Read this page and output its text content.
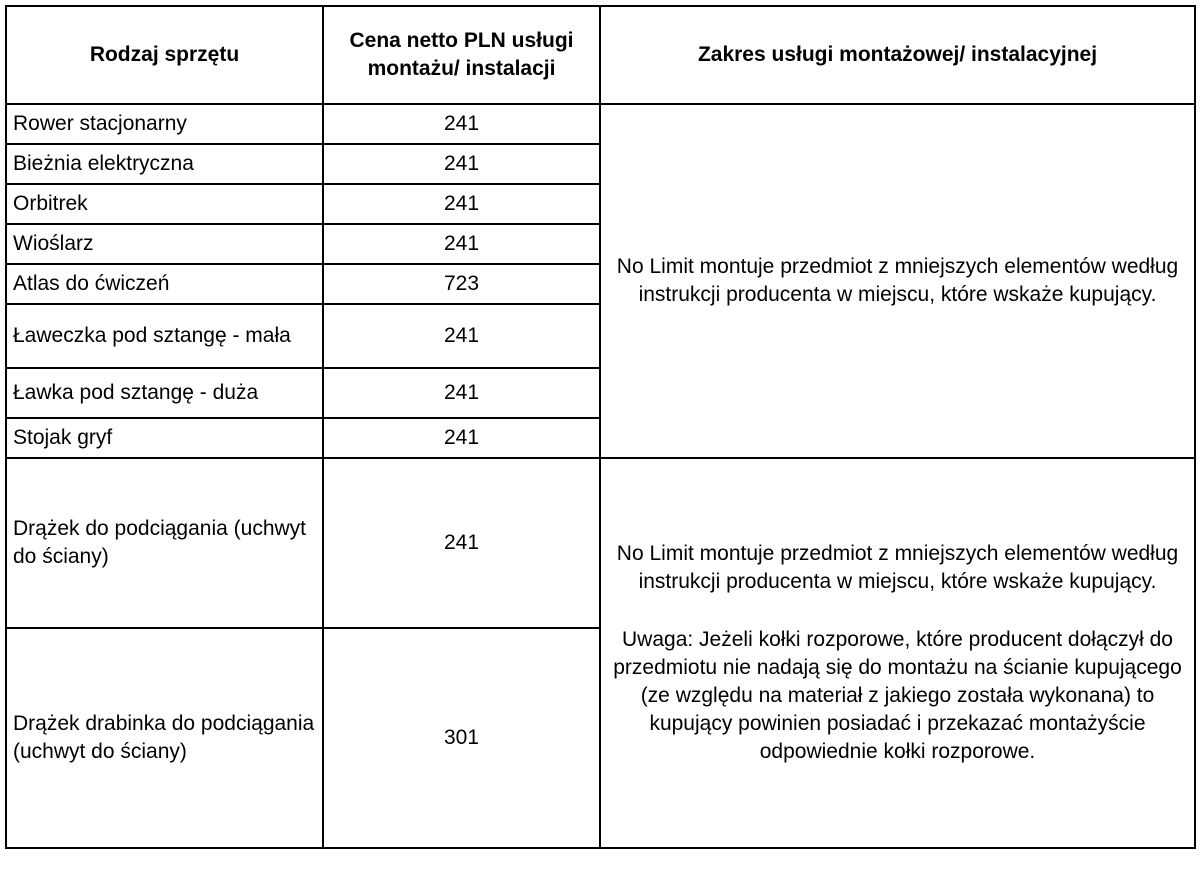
Rodzaj sprzętu	Cena netto PLN usługi montażu/ instalacji	Zakres usługi montażowej/ instalacyjnej
Rower stacjonarny	241	No Limit montuje przedmiot z mniejszych elementów według instrukcji producenta w miejscu, które wskaże kupujący.
Bieżnia elektryczna	241	
Orbitrek	241	
Wioślarz	241	
Atlas do ćwiczeń	723	
Ławeczka pod sztangę - mała	241	
Ławka pod sztangę - duża	241	
Stojak gryf	241	
Drążek do podciągania (uchwyt do ściany)	241	No Limit montuje przedmiot z mniejszych elementów według instrukcji producenta w miejscu, które wskaże kupujący.
Uwaga: Jeżeli kołki rozporowe, które producent dołączył do przedmiotu nie nadają się do montażu na ścianie kupującego (ze względu na materiał z jakiego została wykonana) to kupujący powinien posiadać i przekazać montażyście odpowiednie kołki rozporowe.
Drążek drabinka do podciągania (uchwyt do ściany)	301	
